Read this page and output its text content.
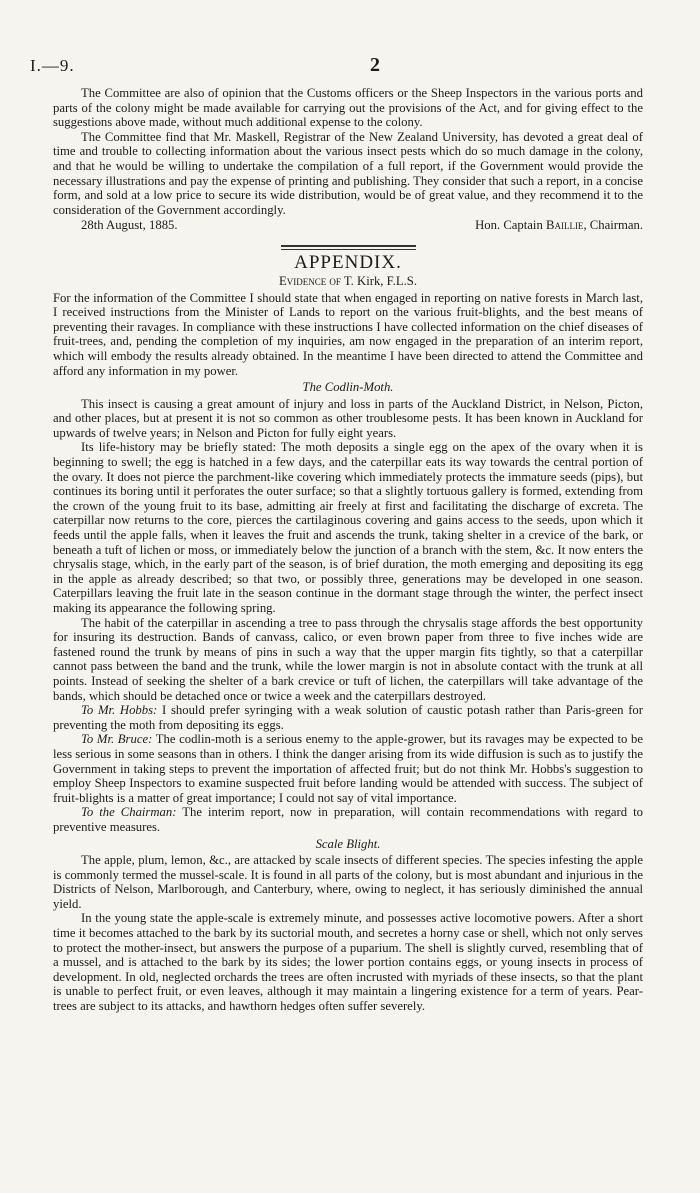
I.—9.	2

The Committee are also of opinion that the Customs officers or the Sheep Inspectors in the various ports and parts of the colony might be made available for carrying out the provisions of the Act, and for giving effect to the suggestions above made, without much additional expense to the colony.

The Committee find that Mr. Maskell, Registrar of the New Zealand University, has devoted a great deal of time and trouble to collecting information about the various insect pests which do so much damage in the colony, and that he would be willing to undertake the compilation of a full report, if the Government would provide the necessary illustrations and pay the expense of printing and publishing. They consider that such a report, in a concise form, and sold at a low price to secure its wide distribution, would be of great value, and they recommend it to the consideration of the Government accordingly.

28th August, 1885.	Hon. Captain Baillie, Chairman.
APPENDIX.
Evidence of T. Kirk, F.L.S.

For the information of the Committee I should state that when engaged in reporting on native forests in March last, I received instructions from the Minister of Lands to report on the various fruit-blights, and the best means of preventing their ravages. In compliance with these instructions I have collected information on the chief diseases of fruit-trees, and, pending the completion of my inquiries, am now engaged in the preparation of an interim report, which will embody the results already obtained. In the meantime I have been directed to attend the Committee and afford any information in my power.

The Codlin-Moth.

This insect is causing a great amount of injury and loss in parts of the Auckland District, in Nelson, Picton, and other places, but at present it is not so common as other troublesome pests. It has been known in Auckland for upwards of twelve years; in Nelson and Picton for fully eight years.

Its life-history may be briefly stated: The moth deposits a single egg on the apex of the ovary when it is beginning to swell; the egg is hatched in a few days, and the caterpillar eats its way towards the central portion of the ovary. It does not pierce the parchment-like covering which immediately protects the immature seeds (pips), but continues its boring until it perforates the outer surface; so that a slightly tortuous gallery is formed, extending from the crown of the young fruit to its base, admitting air freely at first and facilitating the discharge of excreta. The caterpillar now returns to the core, pierces the cartilaginous covering and gains access to the seeds, upon which it feeds until the apple falls, when it leaves the fruit and ascends the trunk, taking shelter in a crevice of the bark, or beneath a tuft of lichen or moss, or immediately below the junction of a branch with the stem, &c. It now enters the chrysalis stage, which, in the early part of the season, is of brief duration, the moth emerging and depositing its egg in the apple as already described; so that two, or possibly three, generations may be developed in one season. Caterpillars leaving the fruit late in the season continue in the dormant stage through the winter, the perfect insect making its appearance the following spring.

The habit of the caterpillar in ascending a tree to pass through the chrysalis stage affords the best opportunity for insuring its destruction. Bands of canvass, calico, or even brown paper from three to five inches wide are fastened round the trunk by means of pins in such a way that the upper margin fits tightly, so that a caterpillar cannot pass between the band and the trunk, while the lower margin is not in absolute contact with the trunk at all points. Instead of seeking the shelter of a bark crevice or tuft of lichen, the caterpillars will take advantage of the bands, which should be detached once or twice a week and the caterpillars destroyed.

To Mr. Hobbs: I should prefer syringing with a weak solution of caustic potash rather than Paris-green for preventing the moth from depositing its eggs.

To Mr. Bruce: The codlin-moth is a serious enemy to the apple-grower, but its ravages may be expected to be less serious in some seasons than in others. I think the danger arising from its wide diffusion is such as to justify the Government in taking steps to prevent the importation of affected fruit; but do not think Mr. Hobbs's suggestion to employ Sheep Inspectors to examine suspected fruit before landing would be attended with success. The subject of fruit-blights is a matter of great importance; I could not say of vital importance.

To the Chairman: The interim report, now in preparation, will contain recommendations with regard to preventive measures.

Scale Blight.

The apple, plum, lemon, &c., are attacked by scale insects of different species. The species infesting the apple is commonly termed the mussel-scale. It is found in all parts of the colony, but is most abundant and injurious in the Districts of Nelson, Marlborough, and Canterbury, where, owing to neglect, it has seriously diminished the annual yield.

In the young state the apple-scale is extremely minute, and possesses active locomotive powers. After a short time it becomes attached to the bark by its suctorial mouth, and secretes a horny case or shell, which not only serves to protect the mother-insect, but answers the purpose of a puparium. The shell is slightly curved, resembling that of a mussel, and is attached to the bark by its sides; the lower portion contains eggs, or young insects in process of development. In old, neglected orchards the trees are often incrusted with myriads of these insects, so that the plant is unable to perfect fruit, or even leaves, although it may maintain a lingering existence for a term of years. Pear-trees are subject to its attacks, and hawthorn hedges often suffer severely.
